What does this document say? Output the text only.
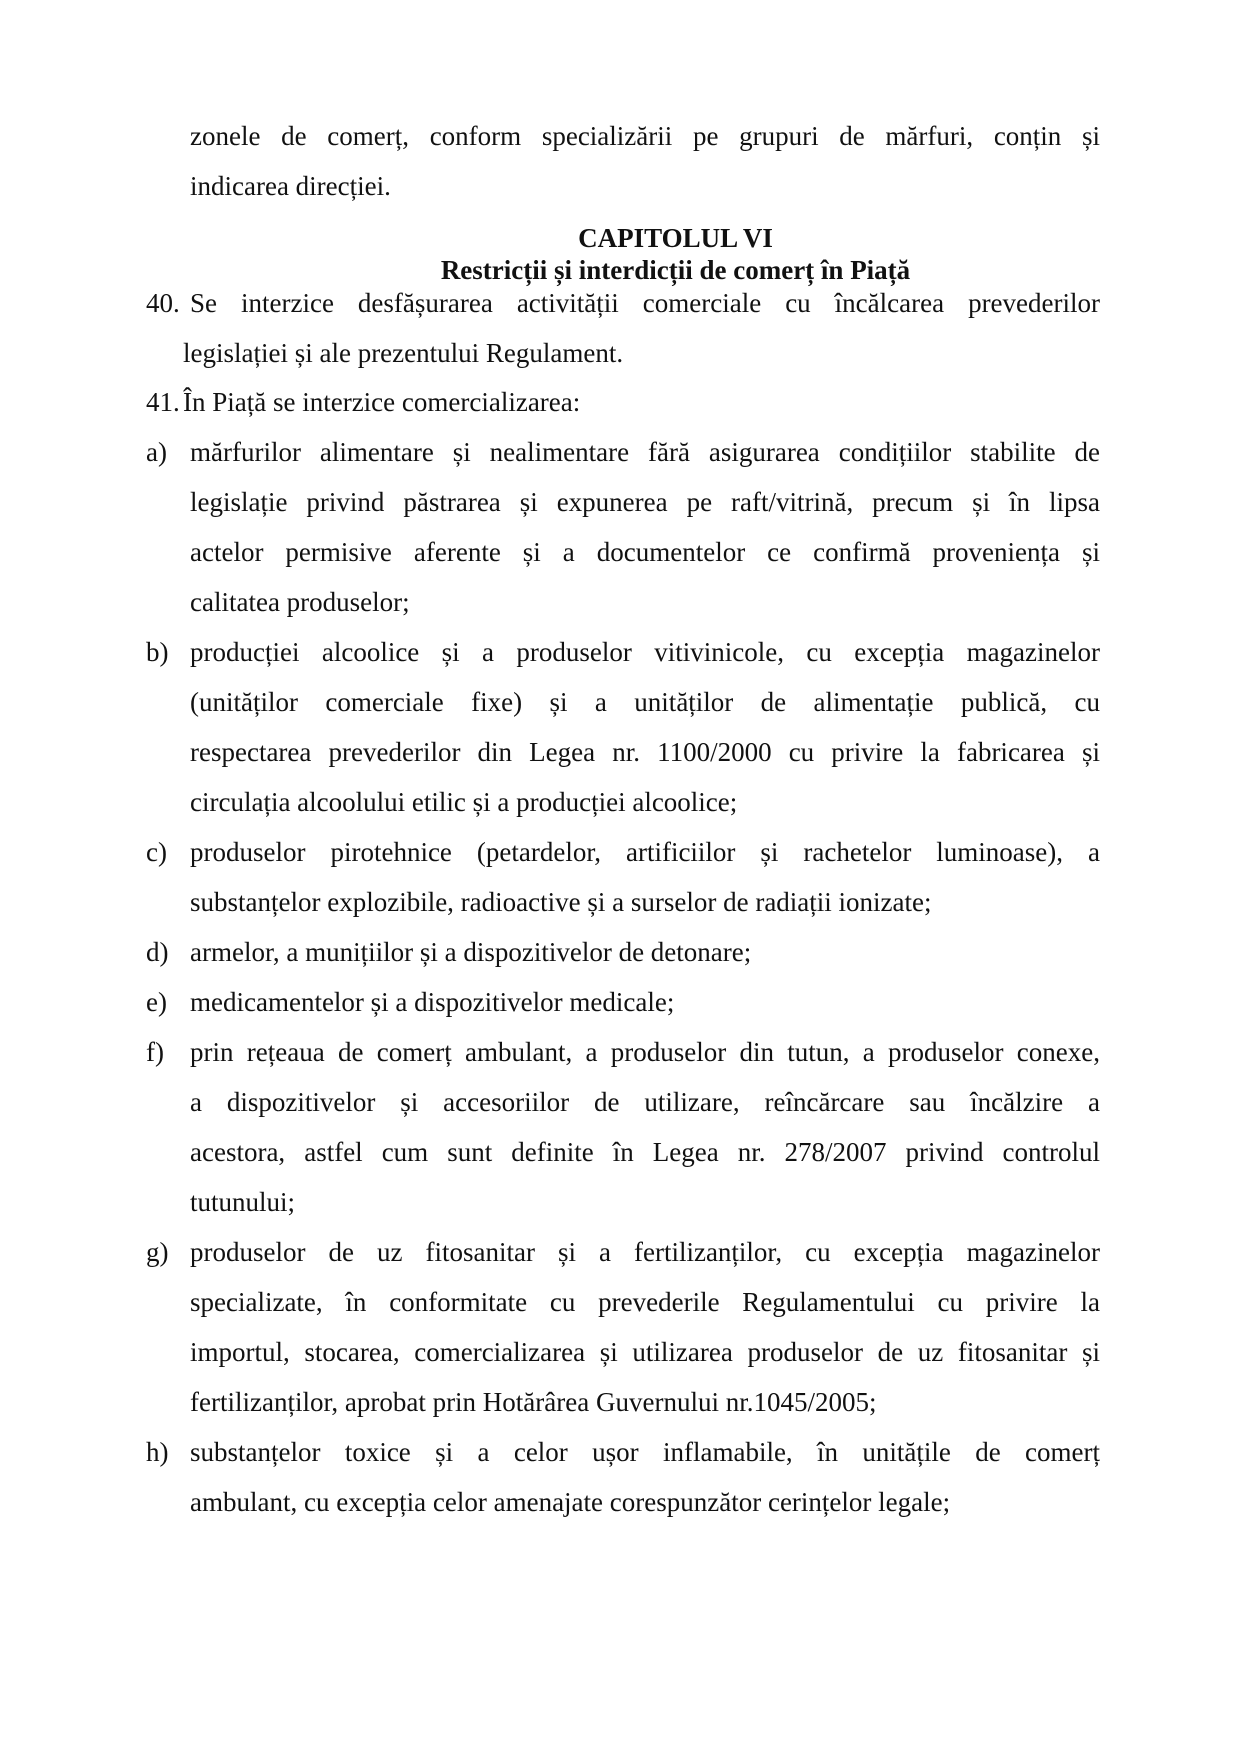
zonele de comerț, conform specializării pe grupuri de mărfuri, conțin și
indicarea direcției.
CAPITOLUL VI
Restricții și interdicții de comerț în Piață
40. Se interzice desfășurarea activității comerciale cu încălcarea prevederilor
legislației și ale prezentului Regulament.
41. În Piață se interzice comercializarea:
a) mărfurilor alimentare și nealimentare fără asigurarea condițiilor stabilite de
legislație privind păstrarea și expunerea pe raft/vitrină, precum și în lipsa
actelor permisive aferente și a documentelor ce confirmă proveniența și
calitatea produselor;
b) producției alcoolice și a produselor vitivinicole, cu excepția magazinelor
(unităților comerciale fixe) și a unităților de alimentație publică, cu
respectarea prevederilor din Legea nr. 1100/2000 cu privire la fabricarea și
circulația alcoolului etilic și a producției alcoolice;
c) produselor pirotehnice (petardelor, artificiilor și rachetelor luminoase), a
substanțelor explozibile, radioactive și a surselor de radiații ionizate;
d) armelor, a munițiilor și a dispozitivelor de detonare;
e) medicamentelor și a dispozitivelor medicale;
f) prin rețeaua de comerț ambulant, a produselor din tutun, a produselor conexe,
a dispozitivelor și accesoriilor de utilizare, reîncărcare sau încălzire a
acestora, astfel cum sunt definite în Legea nr. 278/2007 privind controlul
tutunului;
g) produselor de uz fitosanitar și a fertilizanților, cu excepția magazinelor
specializate, în conformitate cu prevederile Regulamentului cu privire la
importul, stocarea, comercializarea și utilizarea produselor de uz fitosanitar și
fertilizanților, aprobat prin Hotărârea Guvernului nr.1045/2005;
h) substanțelor toxice și a celor ușor inflamabile, în unitățile de comerț
ambulant, cu excepția celor amenajate corespunzător cerințelor legale;
